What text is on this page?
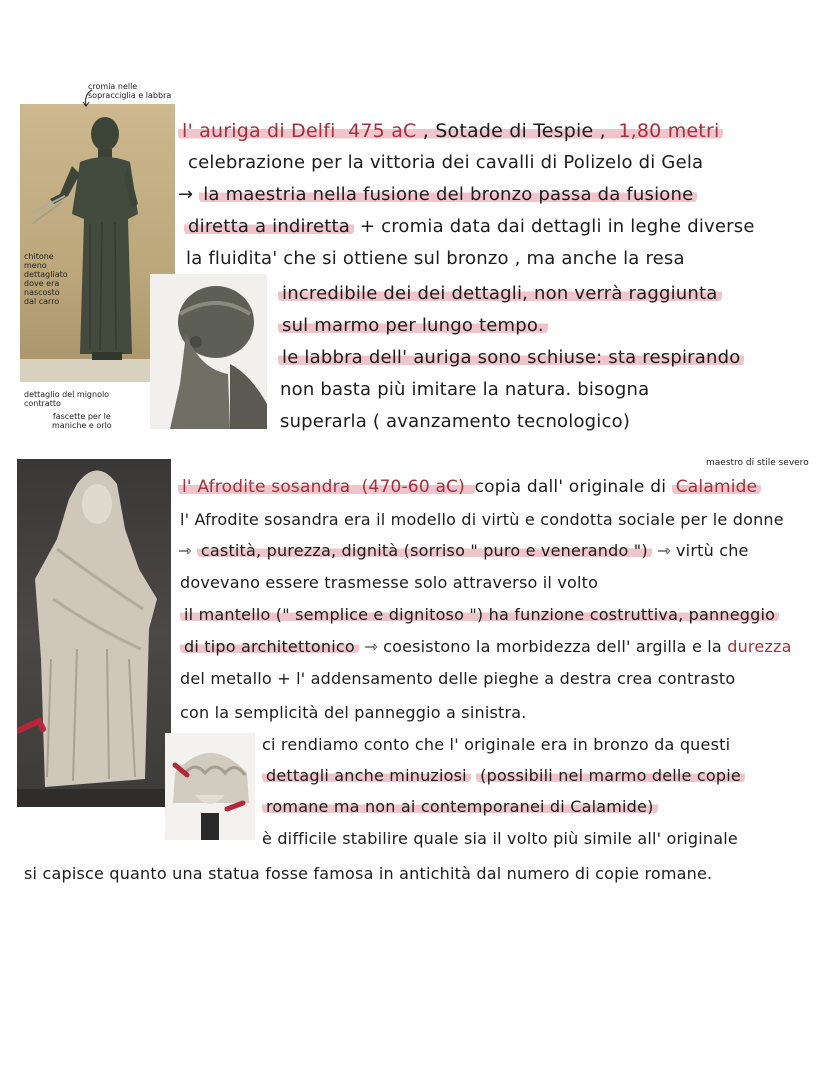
cromia nelle
sopracciglia e labbra
chitone
meno
dettagliato
dove era
nascosto
dal carro
dettaglio del mignolo
contratto
fascette per le
maniche e orlo
l' auriga di Delfi 475 aC , Sotade di Tespie , 1,80 metri
celebrazione per la vittoria dei cavalli di Polizelo di Gela
→ la maestria nella fusione del bronzo passa da fusione
diretta a indiretta + cromia data dai dettagli in leghe diverse
la fluidita' che si ottiene sul bronzo , ma anche la resa
incredibile dei dei dettagli, non verrà raggiunta
sul marmo per lungo tempo.
le labbra dell' auriga sono schiuse: sta respirando
non basta più imitare la natura. bisogna
superarla ( avanzamento tecnologico)
maestro di stile severo
l' Afrodite sosandra (470-60 aC) copia dall' originale di Calamide
l' Afrodite sosandra era il modello di virtù e condotta sociale per le donne
⇾ castità, purezza, dignità (sorriso " puro e venerando ") ⇾ virtù che
dovevano essere trasmesse solo attraverso il volto
il mantello (" semplice e dignitoso ") ha funzione costruttiva, panneggio
di tipo architettonico ⇾ coesistono la morbidezza dell' argilla e la durezza
del metallo + l' addensamento delle pieghe a destra crea contrasto
con la semplicità del panneggio a sinistra.
ci rendiamo conto che l' originale era in bronzo da questi
dettagli anche minuziosi (possibili nel marmo delle copie
romane ma non ai contemporanei di Calamide)
è difficile stabilire quale sia il volto più simile all' originale
si capisce quanto una statua fosse famosa in antichità dal numero di copie romane.
